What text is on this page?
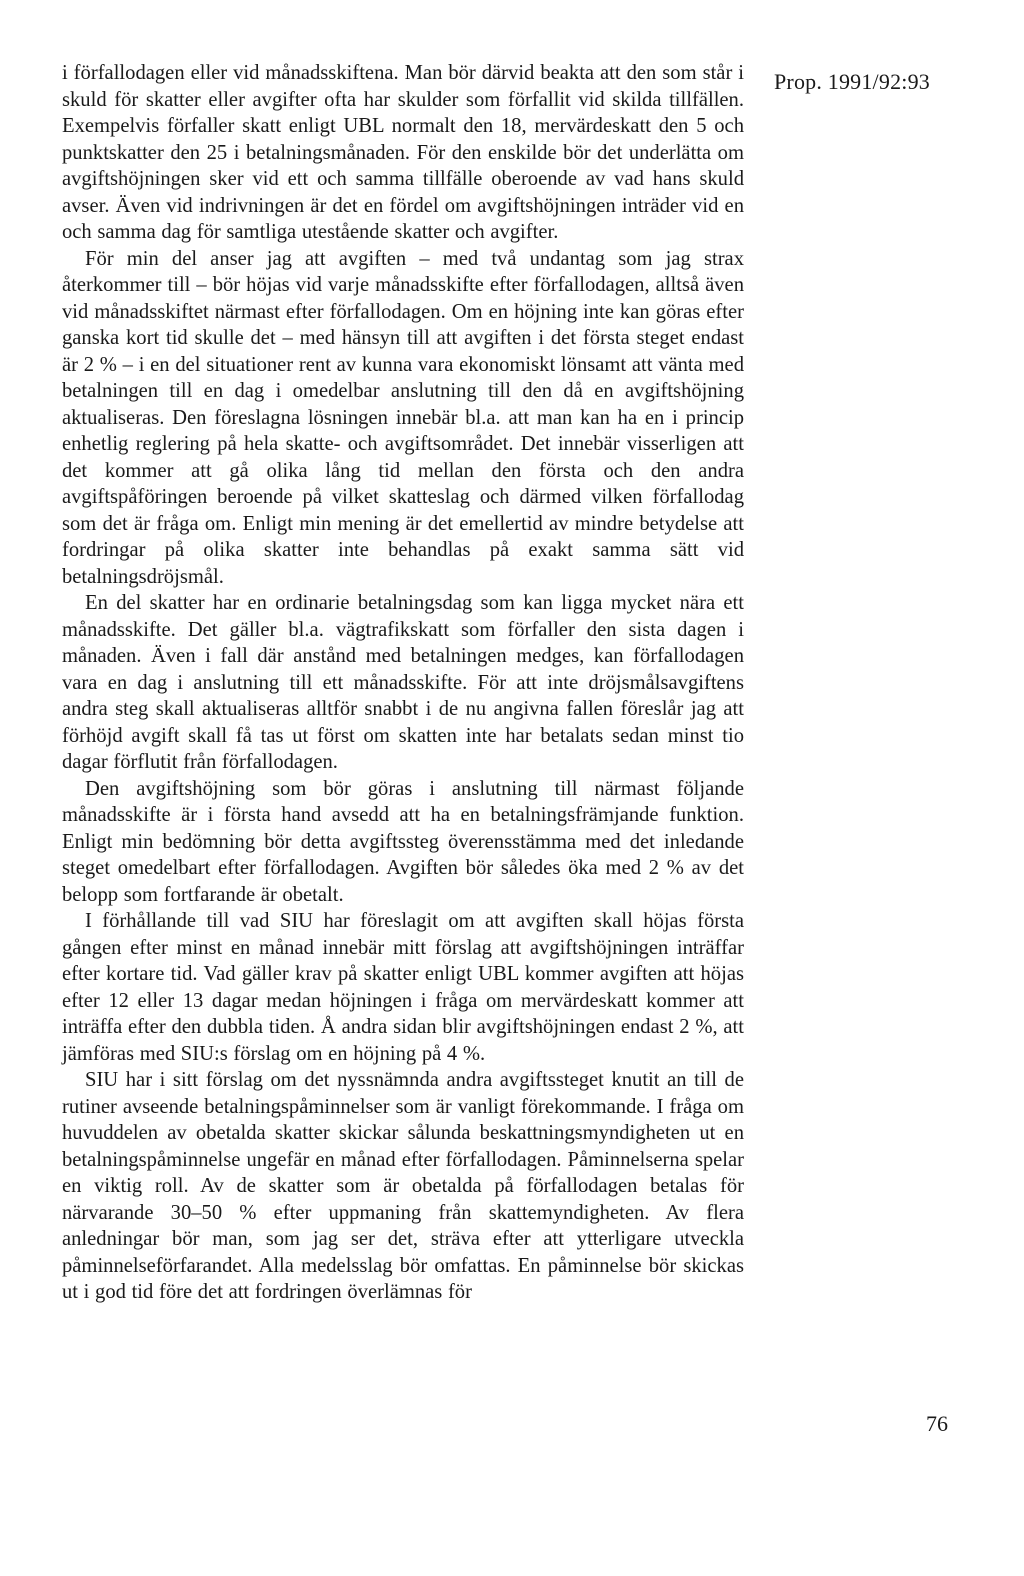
Prop. 1991/92:93

i förfallodagen eller vid månadsskiftena. Man bör därvid beakta att den som står i skuld för skatter eller avgifter ofta har skulder som förfallit vid skilda tillfällen. Exempelvis förfaller skatt enligt UBL normalt den 18, mervärdeskatt den 5 och punktskatter den 25 i betalningsmånaden. För den enskilde bör det underlätta om avgiftshöjningen sker vid ett och samma tillfälle oberoende av vad hans skuld avser. Även vid indrivningen är det en fördel om avgiftshöjningen inträder vid en och samma dag för samtliga utestående skatter och avgifter.

För min del anser jag att avgiften – med två undantag som jag strax återkommer till – bör höjas vid varje månadsskifte efter förfallodagen, alltså även vid månadsskiftet närmast efter förfallodagen. Om en höjning inte kan göras efter ganska kort tid skulle det – med hänsyn till att avgiften i det första steget endast är 2 % – i en del situationer rent av kunna vara ekonomiskt lönsamt att vänta med betalningen till en dag i omedelbar anslutning till den då en avgiftshöjning aktualiseras. Den föreslagna lösningen innebär bl.a. att man kan ha en i princip enhetlig reglering på hela skatte- och avgiftsområdet. Det innebär visserligen att det kommer att gå olika lång tid mellan den första och den andra avgiftspåföringen beroende på vilket skatteslag och därmed vilken förfallodag som det är fråga om. Enligt min mening är det emellertid av mindre betydelse att fordringar på olika skatter inte behandlas på exakt samma sätt vid betalningsdröjsmål.

En del skatter har en ordinarie betalningsdag som kan ligga mycket nära ett månadsskifte. Det gäller bl.a. vägtrafikskatt som förfaller den sista dagen i månaden. Även i fall där anstånd med betalningen medges, kan förfallodagen vara en dag i anslutning till ett månadsskifte. För att inte dröjsmålsavgiftens andra steg skall aktualiseras alltför snabbt i de nu angivna fallen föreslår jag att förhöjd avgift skall få tas ut först om skatten inte har betalats sedan minst tio dagar förflutit från förfallodagen.

Den avgiftshöjning som bör göras i anslutning till närmast följande månadsskifte är i första hand avsedd att ha en betalningsfrämjande funktion. Enligt min bedömning bör detta avgiftssteg överensstämma med det inledande steget omedelbart efter förfallodagen. Avgiften bör således öka med 2 % av det belopp som fortfarande är obetalt.

I förhållande till vad SIU har föreslagit om att avgiften skall höjas första gången efter minst en månad innebär mitt förslag att avgiftshöjningen inträffar efter kortare tid. Vad gäller krav på skatter enligt UBL kommer avgiften att höjas efter 12 eller 13 dagar medan höjningen i fråga om mervärdeskatt kommer att inträffa efter den dubbla tiden. Å andra sidan blir avgiftshöjningen endast 2 %, att jämföras med SIU:s förslag om en höjning på 4 %.

SIU har i sitt förslag om det nyssnämnda andra avgiftssteget knutit an till de rutiner avseende betalningspåminnelser som är vanligt förekommande. I fråga om huvuddelen av obetalda skatter skickar sålunda beskattningsmyndigheten ut en betalningspåminnelse ungefär en månad efter förfallodagen. Påminnelserna spelar en viktig roll. Av de skatter som är obetalda på förfallodagen betalas för närvarande 30–50 % efter uppmaning från skattemyndigheten. Av flera anledningar bör man, som jag ser det, sträva efter att ytterligare utveckla påminnelseförfarandet. Alla medelsslag bör omfattas. En påminnelse bör skickas ut i god tid före det att fordringen överlämnas för

76
